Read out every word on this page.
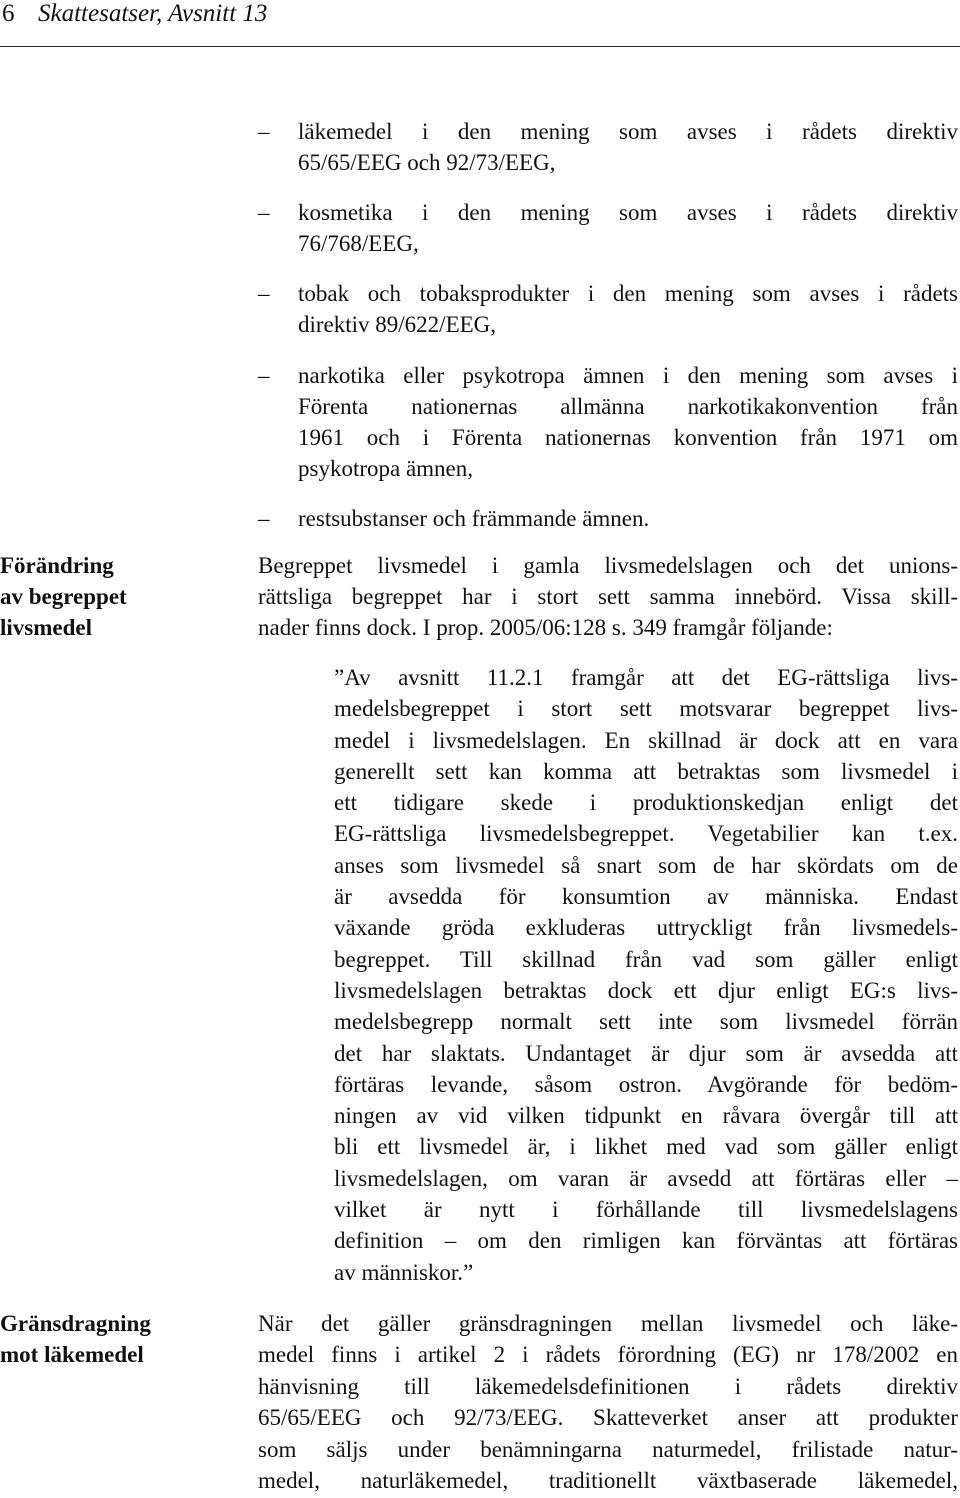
6 Skattesatser, Avsnitt 13
Förändring
av begreppet
livsmedel
Gränsdragning
mot läkemedel
–	läkemedel i den mening som avses i rådets direktiv
65/65/EEG och 92/73/EEG,
–	kosmetika i den mening som avses i rådets direktiv
76/768/EEG,
–	tobak och tobaksprodukter i den mening som avses i rådets
direktiv 89/622/EEG,
–	narkotika eller psykotropa ämnen i den mening som avses i
Förenta nationernas allmänna narkotikakonvention från
1961 och i Förenta nationernas konvention från 1971 om
psykotropa ämnen,
–	restsubstanser och främmande ämnen.
Begreppet livsmedel i gamla livsmedelslagen och det unions-
rättsliga begreppet har i stort sett samma innebörd. Vissa skill-
nader finns dock. I prop. 2005/06:128 s. 349 framgår följande:
”Av avsnitt 11.2.1 framgår att det EG-rättsliga livs-
medelsbegreppet i stort sett motsvarar begreppet livs-
medel i livsmedelslagen. En skillnad är dock att en vara
generellt sett kan komma att betraktas som livsmedel i
ett tidigare skede i produktionskedjan enligt det
EG-rättsliga livsmedelsbegreppet. Vegetabilier kan t.ex.
anses som livsmedel så snart som de har skördats om de
är avsedda för konsumtion av människa. Endast
växande gröda exkluderas uttryckligt från livsmedels-
begreppet. Till skillnad från vad som gäller enligt
livsmedelslagen betraktas dock ett djur enligt EG:s livs-
medelsbegrepp normalt sett inte som livsmedel förrän
det har slaktats. Undantaget är djur som är avsedda att
förtäras levande, såsom ostron. Avgörande för bedöm-
ningen av vid vilken tidpunkt en råvara övergår till att
bli ett livsmedel är, i likhet med vad som gäller enligt
livsmedelslagen, om varan är avsedd att förtäras eller –
vilket är nytt i förhållande till livsmedelslagens
definition – om den rimligen kan förväntas att förtäras
av människor.”
När det gäller gränsdragningen mellan livsmedel och läke-
medel finns i artikel 2 i rådets förordning (EG) nr 178/2002 en
hänvisning till läkemedelsdefinitionen i rådets direktiv
65/65/EEG och 92/73/EEG. Skatteverket anser att produkter
som säljs under benämningarna naturmedel, frilistade natur-
medel, naturläkemedel, traditionellt växtbaserade läkemedel,
